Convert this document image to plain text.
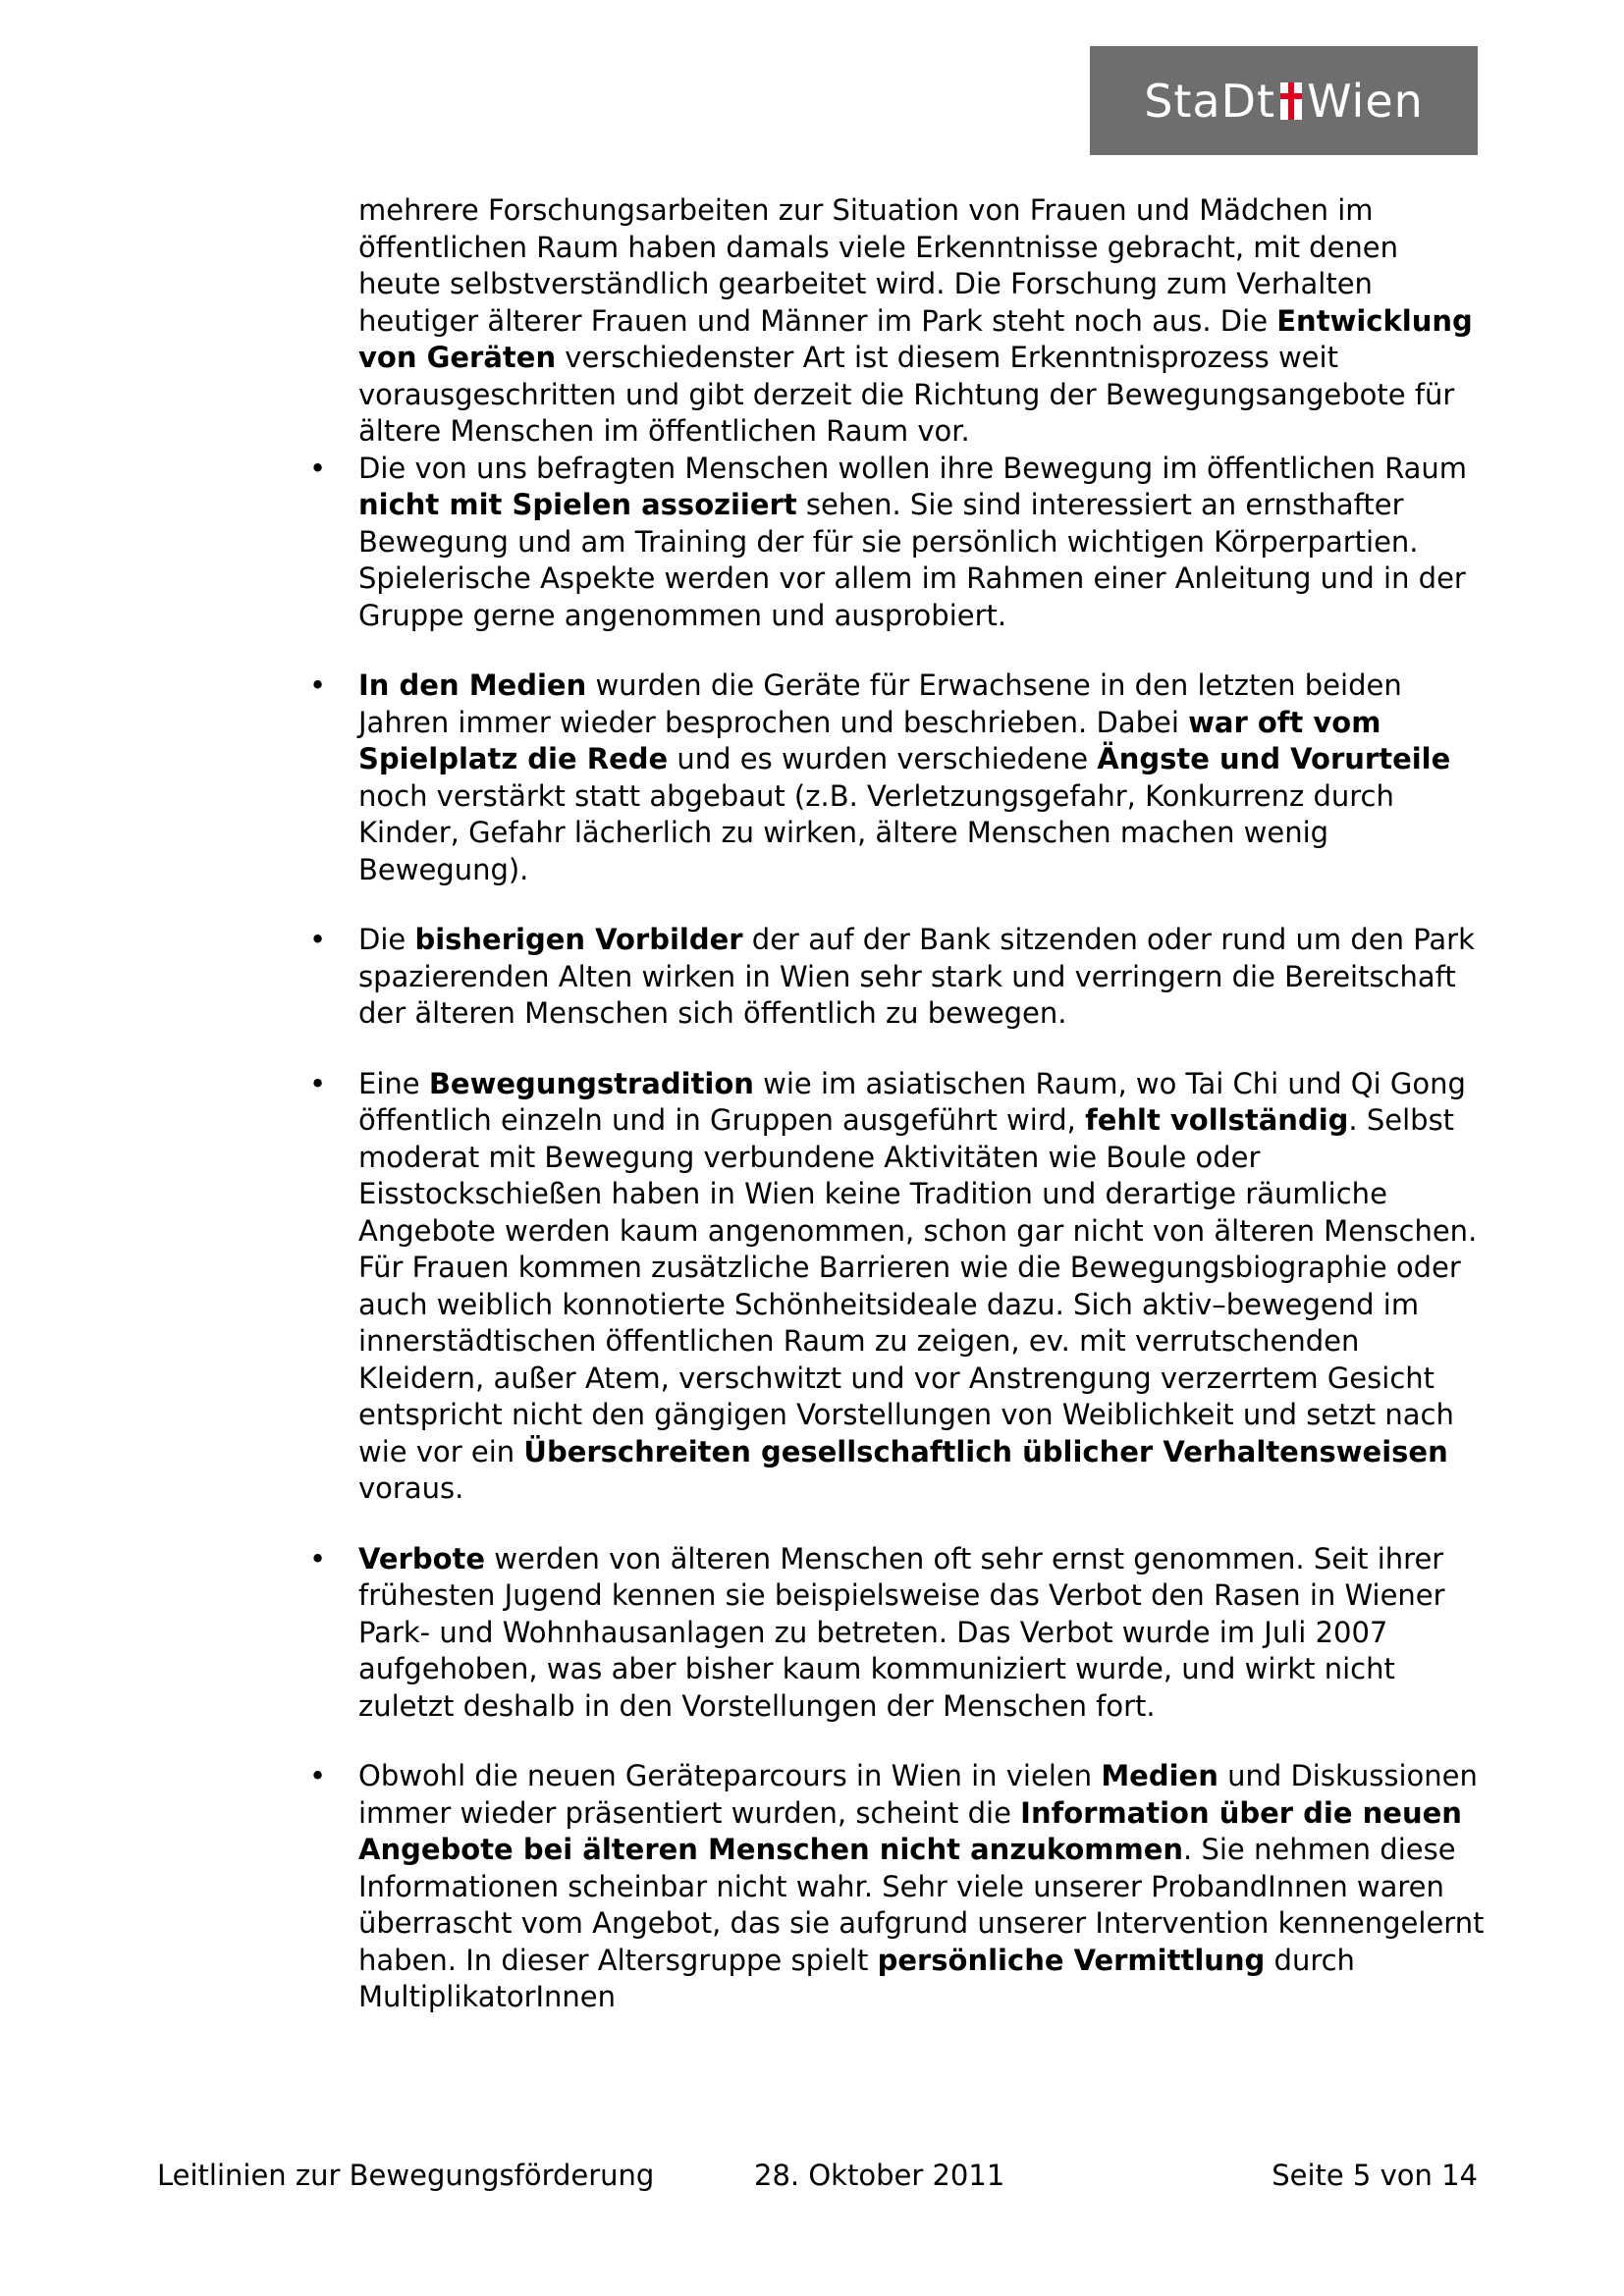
StaDt Wien

mehrere Forschungsarbeiten zur Situation von Frauen und Mädchen im öffentlichen Raum haben damals viele Erkenntnisse gebracht, mit denen heute selbstverständlich gearbeitet wird. Die Forschung zum Verhalten heutiger älterer Frauen und Männer im Park steht noch aus. Die Entwicklung von Geräten verschiedenster Art ist diesem Erkenntnisprozess weit vorausgeschritten und gibt derzeit die Richtung der Bewegungsangebote für ältere Menschen im öffentlichen Raum vor.

• Die von uns befragten Menschen wollen ihre Bewegung im öffentlichen Raum nicht mit Spielen assoziiert sehen. Sie sind interessiert an ernsthafter Bewegung und am Training der für sie persönlich wichtigen Körperpartien. Spielerische Aspekte werden vor allem im Rahmen einer Anleitung und in der Gruppe gerne angenommen und ausprobiert.

• In den Medien wurden die Geräte für Erwachsene in den letzten beiden Jahren immer wieder besprochen und beschrieben. Dabei war oft vom Spielplatz die Rede und es wurden verschiedene Ängste und Vorurteile noch verstärkt statt abgebaut (z.B. Verletzungsgefahr, Konkurrenz durch Kinder, Gefahr lächerlich zu wirken, ältere Menschen machen wenig Bewegung).

• Die bisherigen Vorbilder der auf der Bank sitzenden oder rund um den Park spazierenden Alten wirken in Wien sehr stark und verringern die Bereitschaft der älteren Menschen sich öffentlich zu bewegen.

• Eine Bewegungstradition wie im asiatischen Raum, wo Tai Chi und Qi Gong öffentlich einzeln und in Gruppen ausgeführt wird, fehlt vollständig. Selbst moderat mit Bewegung verbundene Aktivitäten wie Boule oder Eisstockschießen haben in Wien keine Tradition und derartige räumliche Angebote werden kaum angenommen, schon gar nicht von älteren Menschen. Für Frauen kommen zusätzliche Barrieren wie die Bewegungsbiographie oder auch weiblich konnotierte Schönheitsideale dazu. Sich aktiv–bewegend im innerstädtischen öffentlichen Raum zu zeigen, ev. mit verrutschenden Kleidern, außer Atem, verschwitzt und vor Anstrengung verzerrtem Gesicht entspricht nicht den gängigen Vorstellungen von Weiblichkeit und setzt nach wie vor ein Überschreiten gesellschaftlich üblicher Verhaltensweisen voraus.

• Verbote werden von älteren Menschen oft sehr ernst genommen. Seit ihrer frühesten Jugend kennen sie beispielsweise das Verbot den Rasen in Wiener Park- und Wohnhausanlagen zu betreten. Das Verbot wurde im Juli 2007 aufgehoben, was aber bisher kaum kommuniziert wurde, und wirkt nicht zuletzt deshalb in den Vorstellungen der Menschen fort.

• Obwohl die neuen Geräteparcours in Wien in vielen Medien und Diskussionen immer wieder präsentiert wurden, scheint die Information über die neuen Angebote bei älteren Menschen nicht anzukommen. Sie nehmen diese Informationen scheinbar nicht wahr. Sehr viele unserer ProbandInnen waren überrascht vom Angebot, das sie aufgrund unserer Intervention kennengelernt haben. In dieser Altersgruppe spielt persönliche Vermittlung durch MultiplikatorInnen

Leitlinien zur Bewegungsförderung	28. Oktober 2011	Seite 5 von 14
